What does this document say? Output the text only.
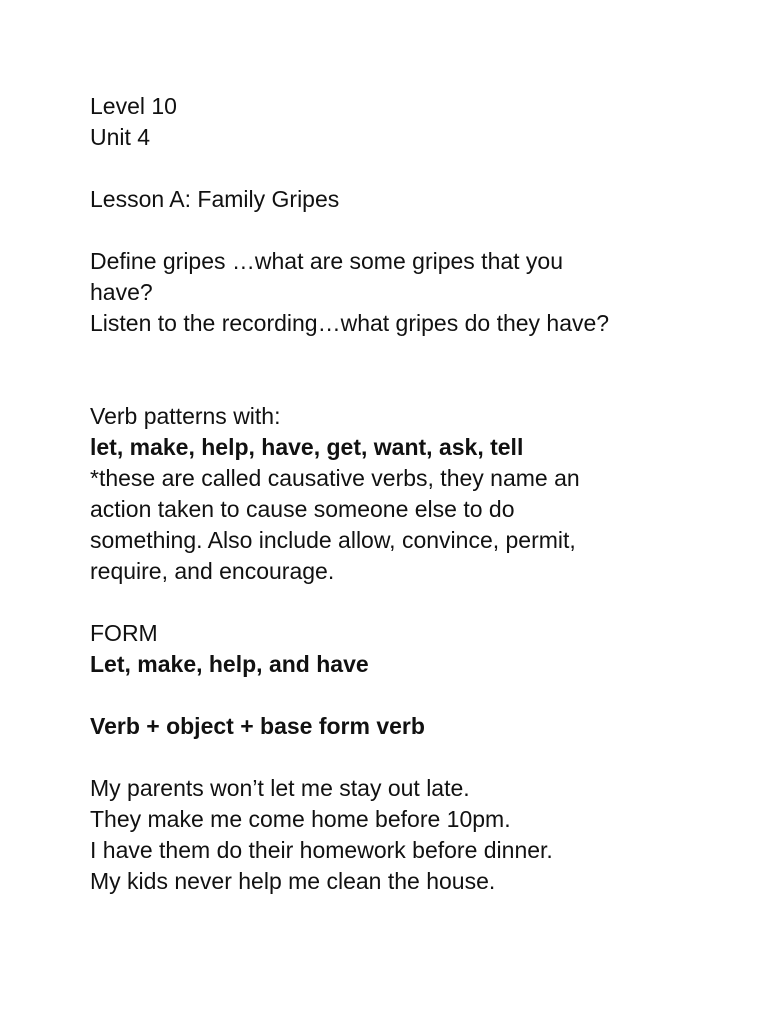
Level 10
Unit 4
Lesson A: Family Gripes
Define gripes …what are some gripes that you
have?
Listen to the recording…what gripes do they have?
Verb patterns with:
let, make, help, have, get, want, ask, tell
*these are called causative verbs, they name an
action taken to cause someone else to do
something. Also include allow, convince, permit,
require, and encourage.
FORM
Let, make, help, and have
Verb + object + base form verb
My parents won’t let me stay out late.
They make me come home before 10pm.
I have them do their homework before dinner.
My kids never help me clean the house.
